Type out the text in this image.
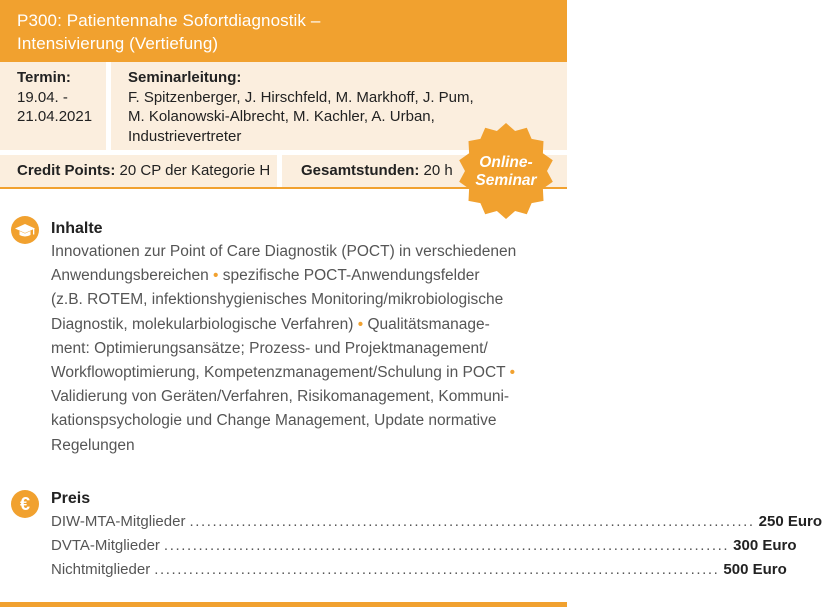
P300: Patientennahe Sofortdiagnostik –
Intensivierung (Vertiefung)
Termin:
19.04. -
21.04.2021
Seminarleitung:
F. Spitzenberger, J. Hirschfeld, M. Markhoff, J. Pum,
M. Kolanowski-Albrecht, M. Kachler, A. Urban,
Industrievertreter
Credit Points: 20 CP der Kategorie H	Gesamtstunden: 20 h	Online-
Seminar
Inhalte
Innovationen zur Point of Care Diagnostik (POCT) in verschiedenen
Anwendungsbereichen • spezifische POCT-Anwendungsfelder
(z.B. ROTEM, infektionshygienisches Monitoring/mikrobiologische
Diagnostik, molekularbiologische Verfahren) • Qualitätsmanage-
ment: Optimierungsansätze; Prozess- und Projektmanagement/
Workflowoptimierung, Kompetenzmanagement/Schulung in POCT •
Validierung von Geräten/Verfahren, Risikomanagement, Kommuni-
kationspsychologie und Change Management, Update normative
Regelungen
€	Preis
DIW-MTA-Mitglieder .................................................................................................. 250 Euro
DVTA-Mitglieder .................................................................................................. 300 Euro
Nichtmitglieder .................................................................................................. 500 Euro
